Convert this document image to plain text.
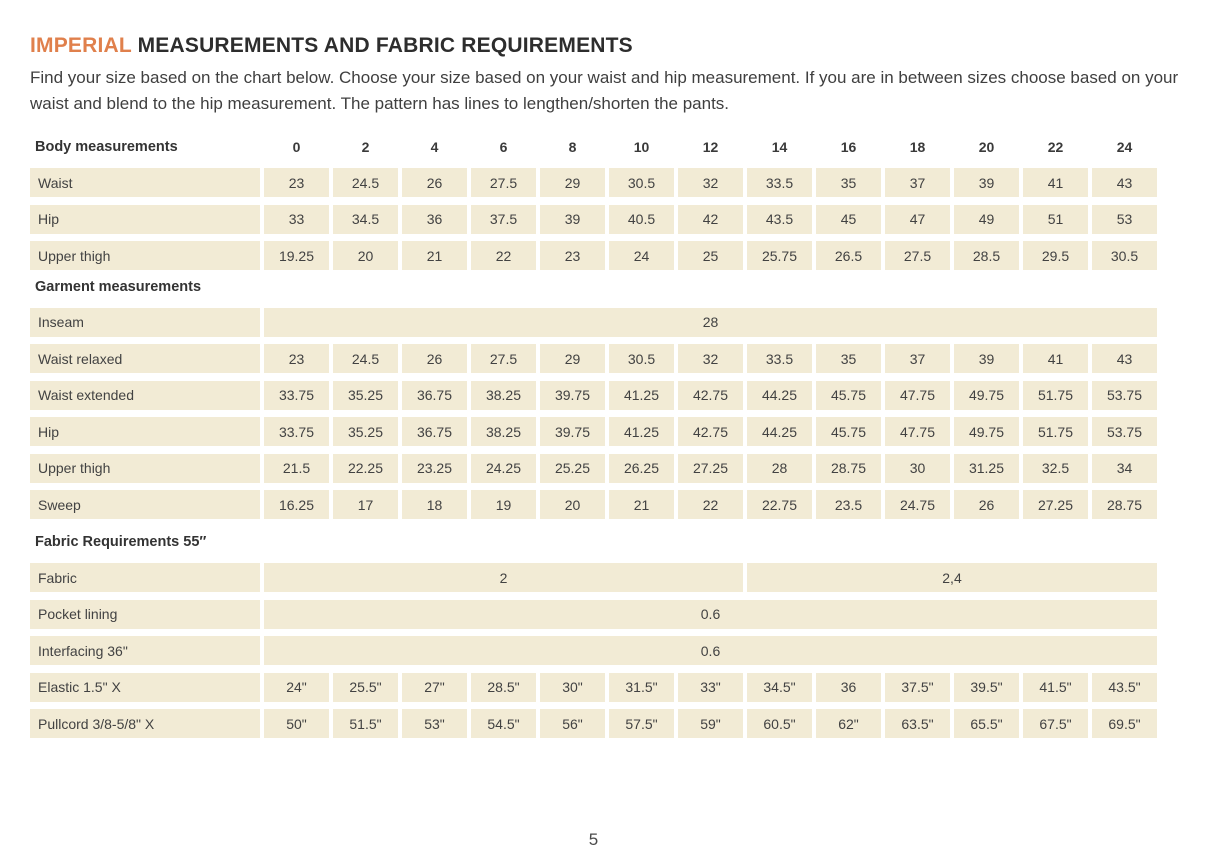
IMPERIAL MEASUREMENTS AND FABRIC REQUIREMENTS

Find your size based on the chart below. Choose your size based on your waist and hip measurement. If you are in between sizes choose based on your waist and blend to the hip measurement. The pattern has lines to lengthen/shorten the pants.

Body measurements	0	2	4	6	8	10	12	14	16	18	20	22	24
Waist	23	24.5	26	27.5	29	30.5	32	33.5	35	37	39	41	43
Hip	33	34.5	36	37.5	39	40.5	42	43.5	45	47	49	51	53
Upper thigh	19.25	20	21	22	23	24	25	25.75	26.5	27.5	28.5	29.5	30.5
Garment measurements
Inseam	28
Waist relaxed	23	24.5	26	27.5	29	30.5	32	33.5	35	37	39	41	43
Waist extended	33.75	35.25	36.75	38.25	39.75	41.25	42.75	44.25	45.75	47.75	49.75	51.75	53.75
Hip	33.75	35.25	36.75	38.25	39.75	41.25	42.75	44.25	45.75	47.75	49.75	51.75	53.75
Upper thigh	21.5	22.25	23.25	24.25	25.25	26.25	27.25	28	28.75	30	31.25	32.5	34
Sweep	16.25	17	18	19	20	21	22	22.75	23.5	24.75	26	27.25	28.75
Fabric Requirements 55″
Fabric	2	2,4
Pocket lining	0.6
Interfacing 36"	0.6
Elastic 1.5" X	24"	25.5"	27"	28.5"	30"	31.5"	33"	34.5"	36	37.5"	39.5"	41.5"	43.5"
Pullcord 3/8-5/8" X	50"	51.5"	53"	54.5"	56"	57.5"	59"	60.5"	62"	63.5"	65.5"	67.5"	69.5"
5
